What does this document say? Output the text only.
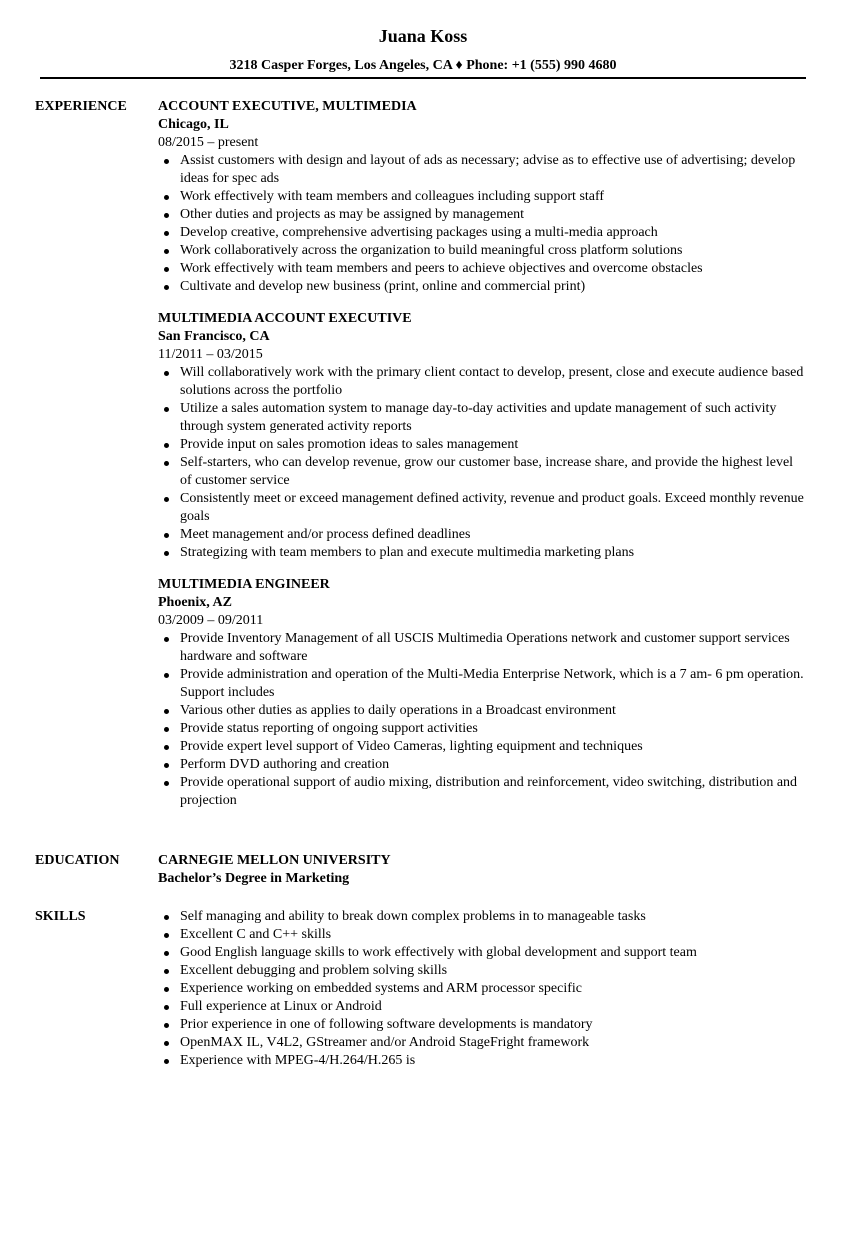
Juana Koss
3218 Casper Forges, Los Angeles, CA ♦ Phone: +1 (555) 990 4680
EXPERIENCE ACCOUNT EXECUTIVE, MULTIMEDIA
Chicago, IL
08/2015 – present
Assist customers with design and layout of ads as necessary; advise as to effective use of advertising; develop ideas for spec ads
Work effectively with team members and colleagues including support staff
Other duties and projects as may be assigned by management
Develop creative, comprehensive advertising packages using a multi-media approach
Work collaboratively across the organization to build meaningful cross platform solutions
Work effectively with team members and peers to achieve objectives and overcome obstacles
Cultivate and develop new business (print, online and commercial print)
MULTIMEDIA ACCOUNT EXECUTIVE
San Francisco, CA
11/2011 – 03/2015
Will collaboratively work with the primary client contact to develop, present, close and execute audience based solutions across the portfolio
Utilize a sales automation system to manage day-to-day activities and update management of such activity through system generated activity reports
Provide input on sales promotion ideas to sales management
Self-starters, who can develop revenue, grow our customer base, increase share, and provide the highest level of customer service
Consistently meet or exceed management defined activity, revenue and product goals. Exceed monthly revenue goals
Meet management and/or process defined deadlines
Strategizing with team members to plan and execute multimedia marketing plans
MULTIMEDIA ENGINEER
Phoenix, AZ
03/2009 – 09/2011
Provide Inventory Management of all USCIS Multimedia Operations network and customer support services hardware and software
Provide administration and operation of the Multi-Media Enterprise Network, which is a 7 am- 6 pm operation. Support includes
Various other duties as applies to daily operations in a Broadcast environment
Provide status reporting of ongoing support activities
Provide expert level support of Video Cameras, lighting equipment and techniques
Perform DVD authoring and creation
Provide operational support of audio mixing, distribution and reinforcement, video switching, distribution and projection
EDUCATION	CARNEGIE MELLON UNIVERSITY
Bachelor’s Degree in Marketing
SKILLS	Self managing and ability to break down complex problems in to manageable tasks
Excellent C and C++ skills
Good English language skills to work effectively with global development and support team
Excellent debugging and problem solving skills
Experience working on embedded systems and ARM processor specific
Full experience at Linux or Android
Prior experience in one of following software developments is mandatory
OpenMAX IL, V4L2, GStreamer and/or Android StageFright framework
Experience with MPEG-4/H.264/H.265 is
